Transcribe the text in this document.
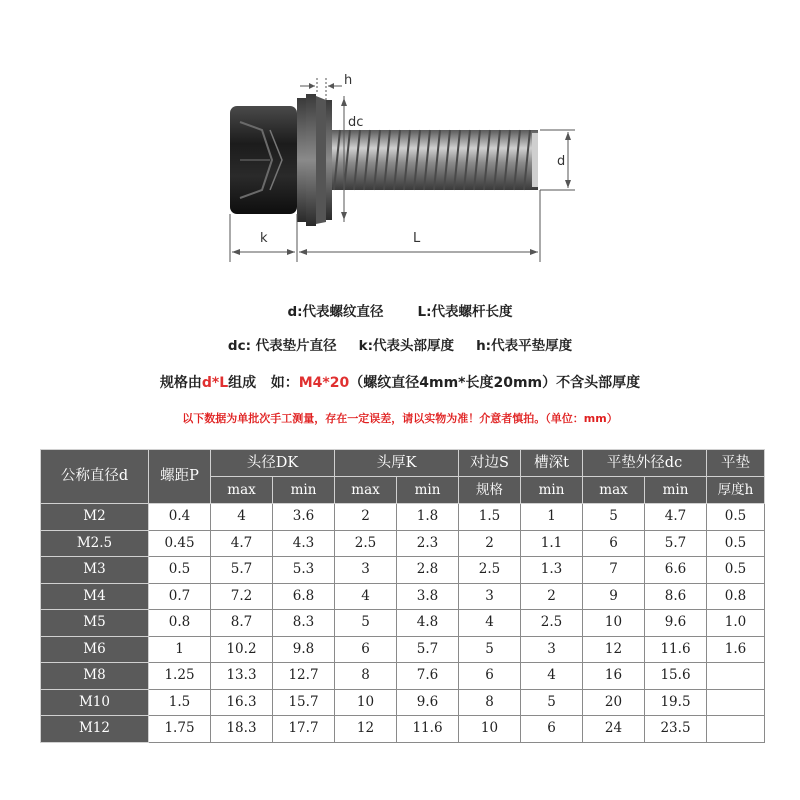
h
dc
d
k	L
d:代表螺纹直径	L:代表螺杆长度
dc: 代表垫片直径 k:代表头部厚度 h:代表平垫厚度
规格由d*L组成   如：M4*20（螺纹直径4mm*长度20mm）不含头部厚度
以下数据为单批次手工测量，存在一定误差，请以实物为准！介意者慎拍。（单位：mm）
公称直径d	螺距P	头径DK		头厚K		对边S	槽深t	平垫外径dc		平垫
		max	min	max	min	规格	min	max	min	厚度h
M2	0.4	4	3.6	2	1.8	1.5	1	5	4.7	0.5
M2.5	0.45	4.7	4.3	2.5	2.3	2	1.1	6	5.7	0.5
M3	0.5	5.7	5.3	3	2.8	2.5	1.3	7	6.6	0.5
M4	0.7	7.2	6.8	4	3.8	3	2	9	8.6	0.8
M5	0.8	8.7	8.3	5	4.8	4	2.5	10	9.6	1.0
M6	1	10.2	9.8	6	5.7	5	3	12	11.6	1.6
M8	1.25	13.3	12.7	8	7.6	6	4	16	15.6	
M10	1.5	16.3	15.7	10	9.6	8	5	20	19.5	
M12	1.75	18.3	17.7	12	11.6	10	6	24	23.5	
